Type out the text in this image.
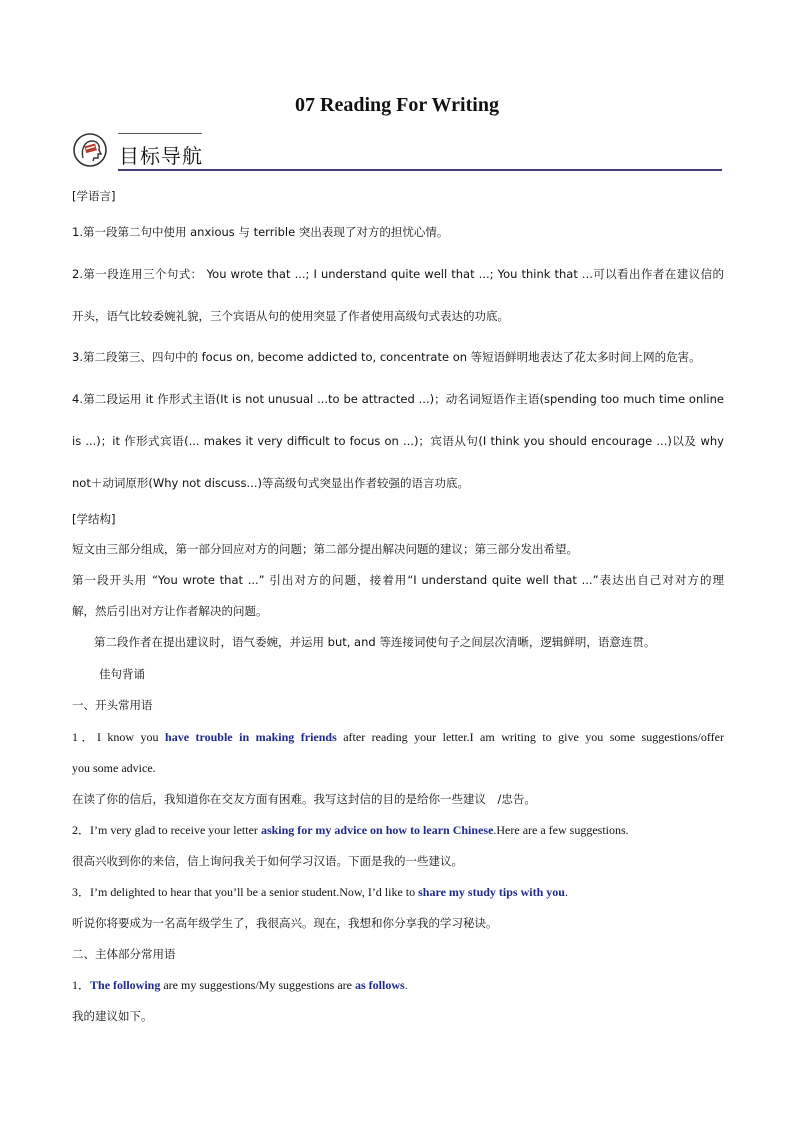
07 Reading For Writing
目标导航
[学语言]
1.第一段第二句中使用 anxious 与 terrible 突出表现了对方的担忧心情。
2.第一段连用三个句式： You wrote that ...; I understand quite well that ...; You think that ...可以看出作者在建议信的
开头，语气比较委婉礼貌，三个宾语从句的使用突显了作者使用高级句式表达的功底。
3.第二段第三、四句中的 focus on, become addicted to, concentrate on 等短语鲜明地表达了花太多时间上网的危害。
4.第二段运用 it 作形式主语(It is not unusual ...to be attracted ...)；动名词短语作主语(spending too much time online
is ...)；it 作形式宾语(... makes it very difficult to focus on ...)；宾语从句(I think you should encourage ...)以及 why
not＋动词原形(Why not discuss...)等高级句式突显出作者较强的语言功底。
[学结构]
短文由三部分组成，第一部分回应对方的问题；第二部分提出解决问题的建议；第三部分发出希望。
第一段开头用 “You wrote that ...” 引出对方的问题，接着用“I understand quite well that ...”表达出自己对对方的理
解，然后引出对方让作者解决的问题。
第二段作者在提出建议时，语气委婉，并运用 but, and 等连接词使句子之间层次清晰，逻辑鲜明，语意连贯。
佳句背诵
一、开头常用语
1．I know you have trouble in making friends after reading your letter.I am writing to give you some suggestions/offer
you some advice.
在读了你的信后，我知道你在交友方面有困难。我写这封信的目的是给你一些建议　/忠告。
2．I’m very glad to receive your letter asking for my advice on how to learn Chinese.Here are a few suggestions.
很高兴收到你的来信，信上询问我关于如何学习汉语。下面是我的一些建议。
3．I’m delighted to hear that you’ll be a senior student.Now, I’d like to share my study tips with you.
听说你将要成为一名高年级学生了，我很高兴。现在，我想和你分享我的学习秘诀。
二、主体部分常用语
1．The following are my suggestions/My suggestions are as follows.
我的建议如下。
